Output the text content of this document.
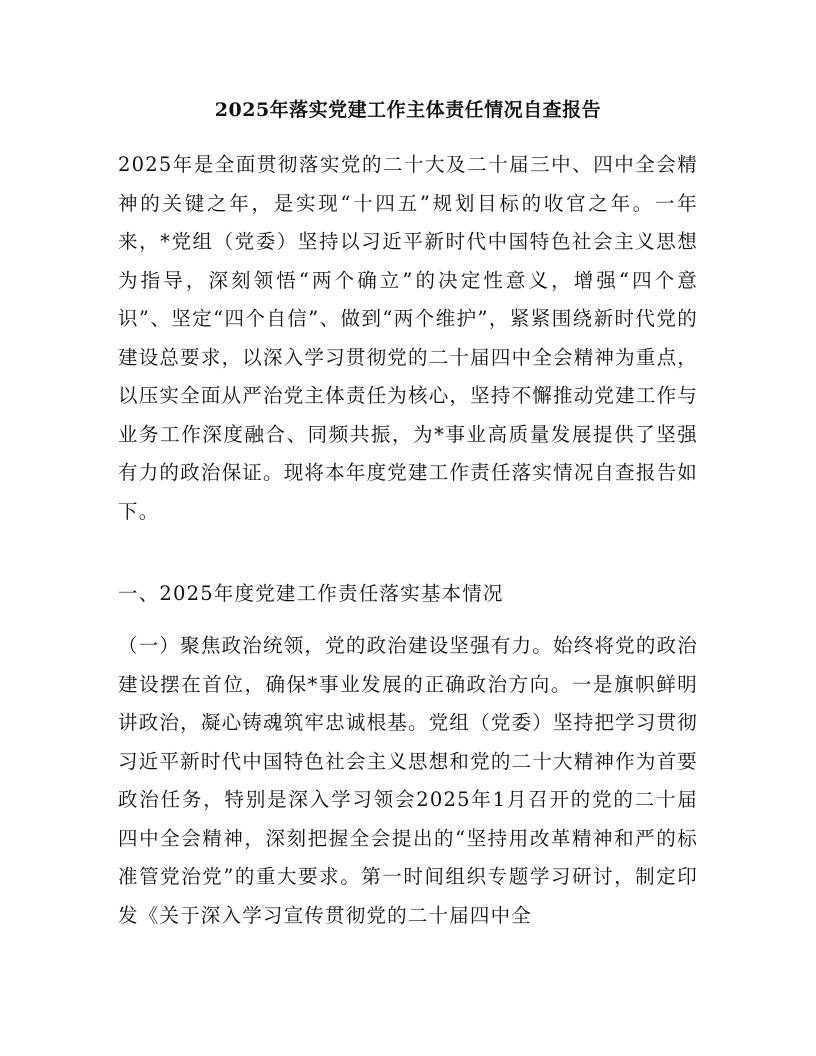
2025年落实党建工作主体责任情况自查报告

2025年是全面贯彻落实党的二十大及二十届三中、四中全会精神的关键之年，是实现“十四五”规划目标的收官之年。一年来，*党组（党委）坚持以习近平新时代中国特色社会主义思想为指导，深刻领悟“两个确立”的决定性意义，增强“四个意识”、坚定“四个自信”、做到“两个维护”，紧紧围绕新时代党的建设总要求，以深入学习贯彻党的二十届四中全会精神为重点，以压实全面从严治党主体责任为核心，坚持不懈推动党建工作与业务工作深度融合、同频共振，为*事业高质量发展提供了坚强有力的政治保证。现将本年度党建工作责任落实情况自查报告如下。

一、2025年度党建工作责任落实基本情况

（一）聚焦政治统领，党的政治建设坚强有力。始终将党的政治建设摆在首位，确保*事业发展的正确政治方向。一是旗帜鲜明讲政治，凝心铸魂筑牢忠诚根基。党组（党委）坚持把学习贯彻习近平新时代中国特色社会主义思想和党的二十大精神作为首要政治任务，特别是深入学习领会2025年1月召开的党的二十届四中全会精神，深刻把握全会提出的“坚持用改革精神和严的标准管党治党”的重大要求。第一时间组织专题学习研讨，制定印发《关于深入学习宣传贯彻党的二十届四中全
